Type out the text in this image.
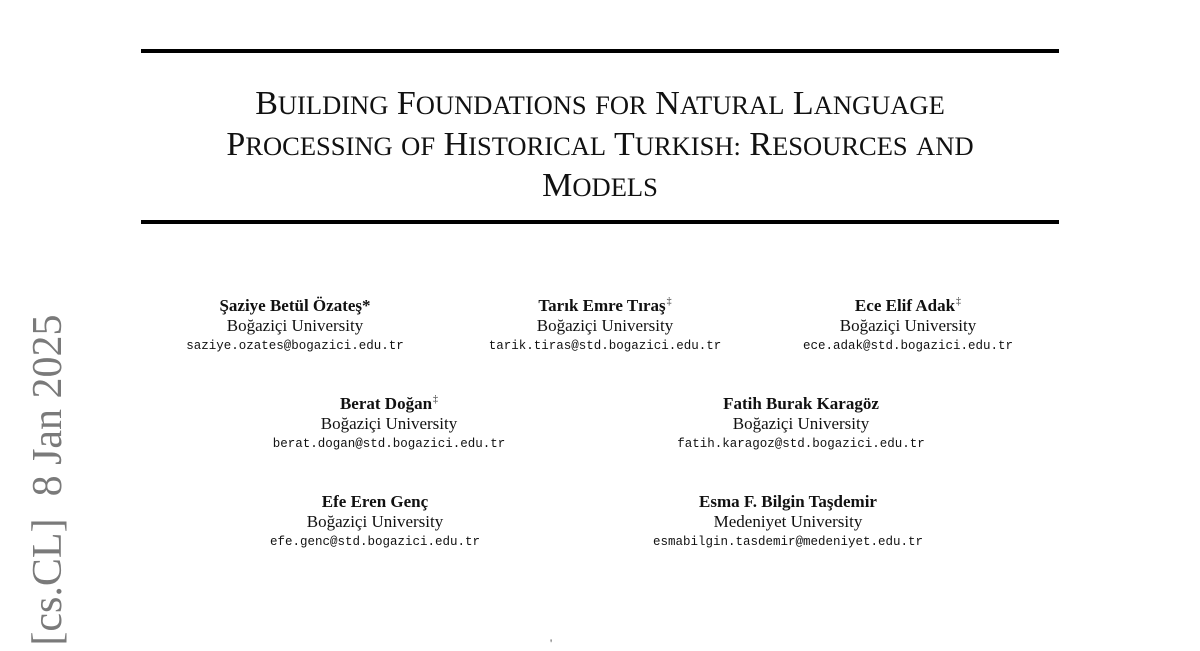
BUILDING FOUNDATIONS FOR NATURAL LANGUAGE
PROCESSING OF HISTORICAL TURKISH: RESOURCES AND
MODELS
Şaziye Betül Özateş*
Boğaziçi University
saziye.ozates@bogazici.edu.tr
Tarık Emre Tıraş‡
Boğaziçi University
tarik.tiras@std.bogazici.edu.tr
Ece Elif Adak‡
Boğaziçi University
ece.adak@std.bogazici.edu.tr
Berat Doğan‡
Boğaziçi University
berat.dogan@std.bogazici.edu.tr
Fatih Burak Karagöz
Boğaziçi University
fatih.karagoz@std.bogazici.edu.tr
Efe Eren Genç
Boğaziçi University
efe.genc@std.bogazici.edu.tr
Esma F. Bilgin Taşdemir
Medeniyet University
esmabilgin.tasdemir@medeniyet.edu.tr
[cs.CL]8 Jan 2025
'
